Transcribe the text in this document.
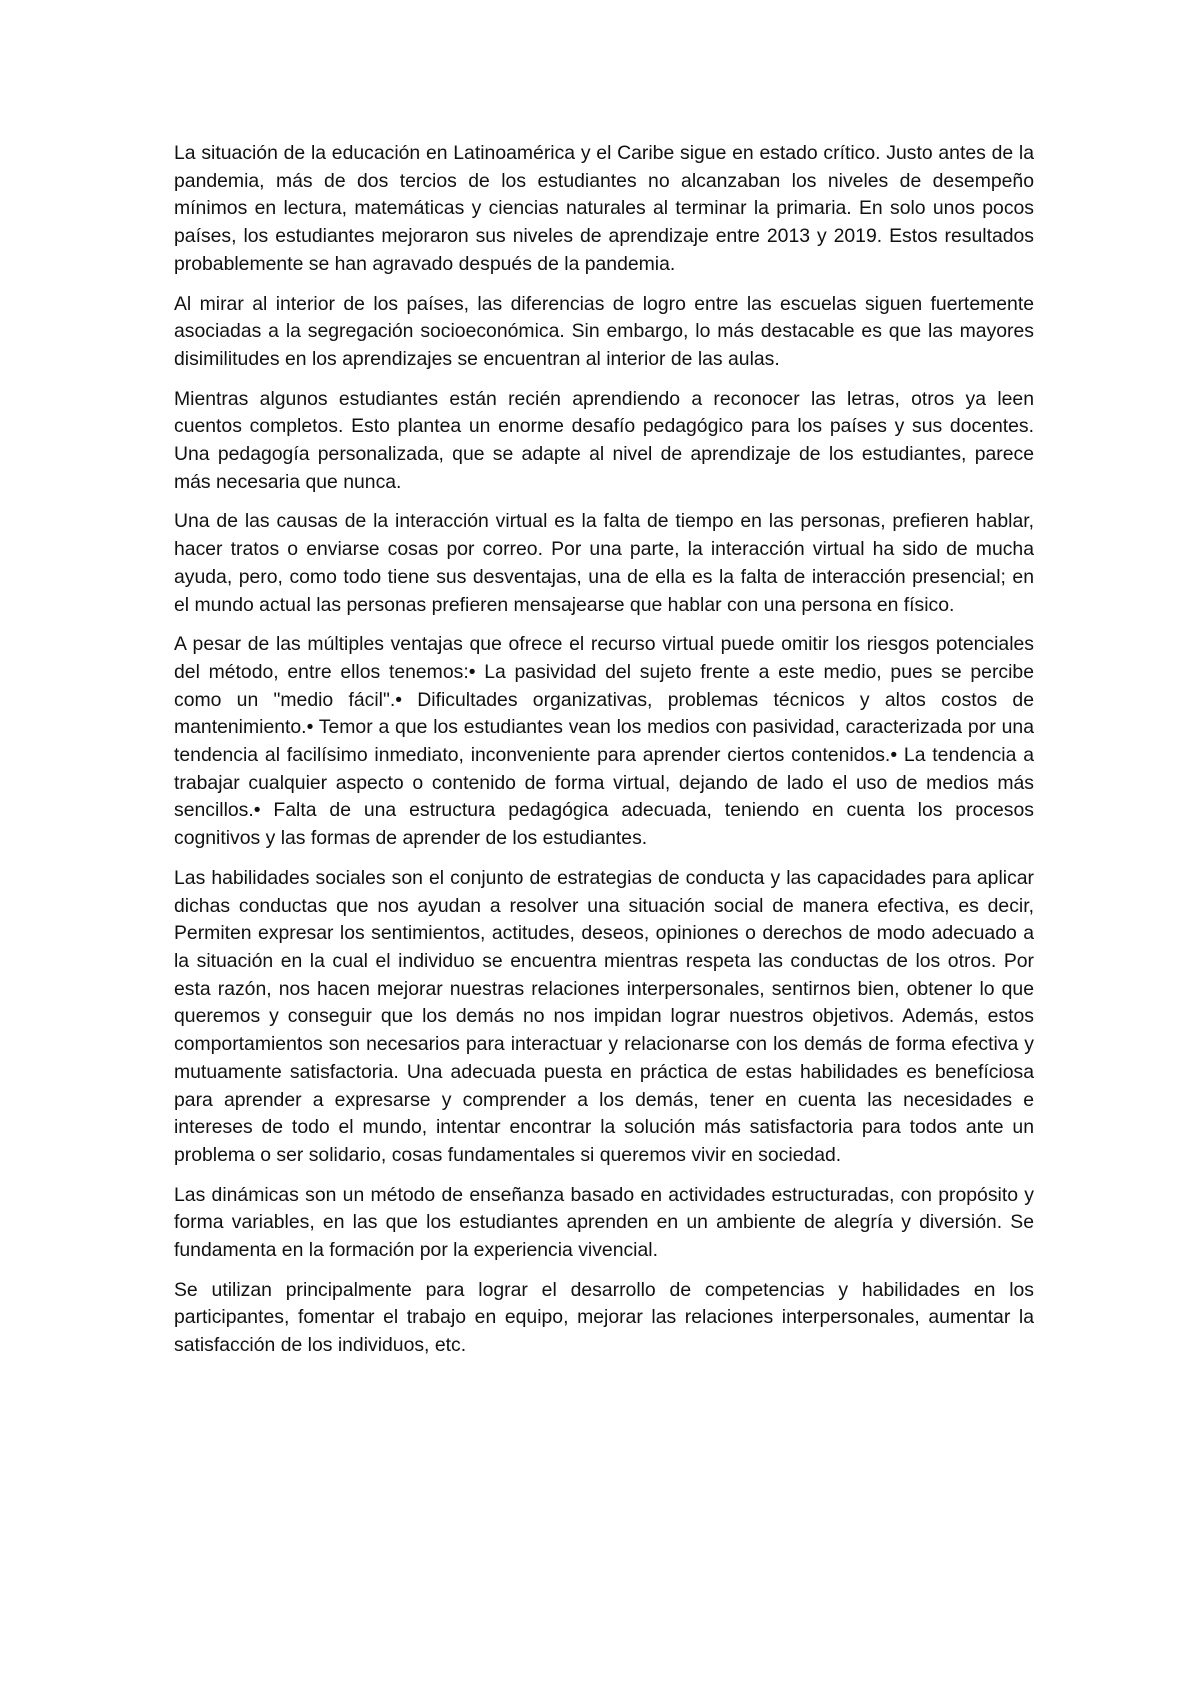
La situación de la educación en Latinoamérica y el Caribe sigue en estado crítico. Justo antes de la pandemia, más de dos tercios de los estudiantes no alcanzaban los niveles de desempeño mínimos en lectura, matemáticas y ciencias naturales al terminar la primaria. En solo unos pocos países, los estudiantes mejoraron sus niveles de aprendizaje entre 2013 y 2019. Estos resultados probablemente se han agravado después de la pandemia.

Al mirar al interior de los países, las diferencias de logro entre las escuelas siguen fuertemente asociadas a la segregación socioeconómica. Sin embargo, lo más destacable es que las mayores disimilitudes en los aprendizajes se encuentran al interior de las aulas.

Mientras algunos estudiantes están recién aprendiendo a reconocer las letras, otros ya leen cuentos completos. Esto plantea un enorme desafío pedagógico para los países y sus docentes. Una pedagogía personalizada, que se adapte al nivel de aprendizaje de los estudiantes, parece más necesaria que nunca.

Una de las causas de la interacción virtual es la falta de tiempo en las personas, prefieren hablar, hacer tratos o enviarse cosas por correo. Por una parte, la interacción virtual ha sido de mucha ayuda, pero, como todo tiene sus desventajas, una de ella es la falta de interacción presencial; en el mundo actual las personas prefieren mensajearse que hablar con una persona en físico.

A pesar de las múltiples ventajas que ofrece el recurso virtual puede omitir los riesgos potenciales del método, entre ellos tenemos:• La pasividad del sujeto frente a este medio, pues se percibe como un "medio fácil".• Dificultades organizativas, problemas técnicos y altos costos de mantenimiento.• Temor a que los estudiantes vean los medios con pasividad, caracterizada por una tendencia al facilísimo inmediato, inconveniente para aprender ciertos contenidos.• La tendencia a trabajar cualquier aspecto o contenido de forma virtual, dejando de lado el uso de medios más sencillos.• Falta de una estructura pedagógica adecuada, teniendo en cuenta los procesos cognitivos y las formas de aprender de los estudiantes.

Las habilidades sociales son el conjunto de estrategias de conducta y las capacidades para aplicar dichas conductas que nos ayudan a resolver una situación social de manera efectiva, es decir, Permiten expresar los sentimientos, actitudes, deseos, opiniones o derechos de modo adecuado a la situación en la cual el individuo se encuentra mientras respeta las conductas de los otros. Por esta razón, nos hacen mejorar nuestras relaciones interpersonales, sentirnos bien, obtener lo que queremos y conseguir que los demás no nos impidan lograr nuestros objetivos. Además, estos comportamientos son necesarios para interactuar y relacionarse con los demás de forma efectiva y mutuamente satisfactoria. Una adecuada puesta en práctica de estas habilidades es benefíciosa para aprender a expresarse y comprender a los demás, tener en cuenta las necesidades e intereses de todo el mundo, intentar encontrar la solución más satisfactoria para todos ante un problema o ser solidario, cosas fundamentales si queremos vivir en sociedad.

Las dinámicas son un método de enseñanza basado en actividades estructuradas, con propósito y forma variables, en las que los estudiantes aprenden en un ambiente de alegría y diversión. Se fundamenta en la formación por la experiencia vivencial.

Se utilizan principalmente para lograr el desarrollo de competencias y habilidades en los participantes, fomentar el trabajo en equipo, mejorar las relaciones interpersonales, aumentar la satisfacción de los individuos, etc.
